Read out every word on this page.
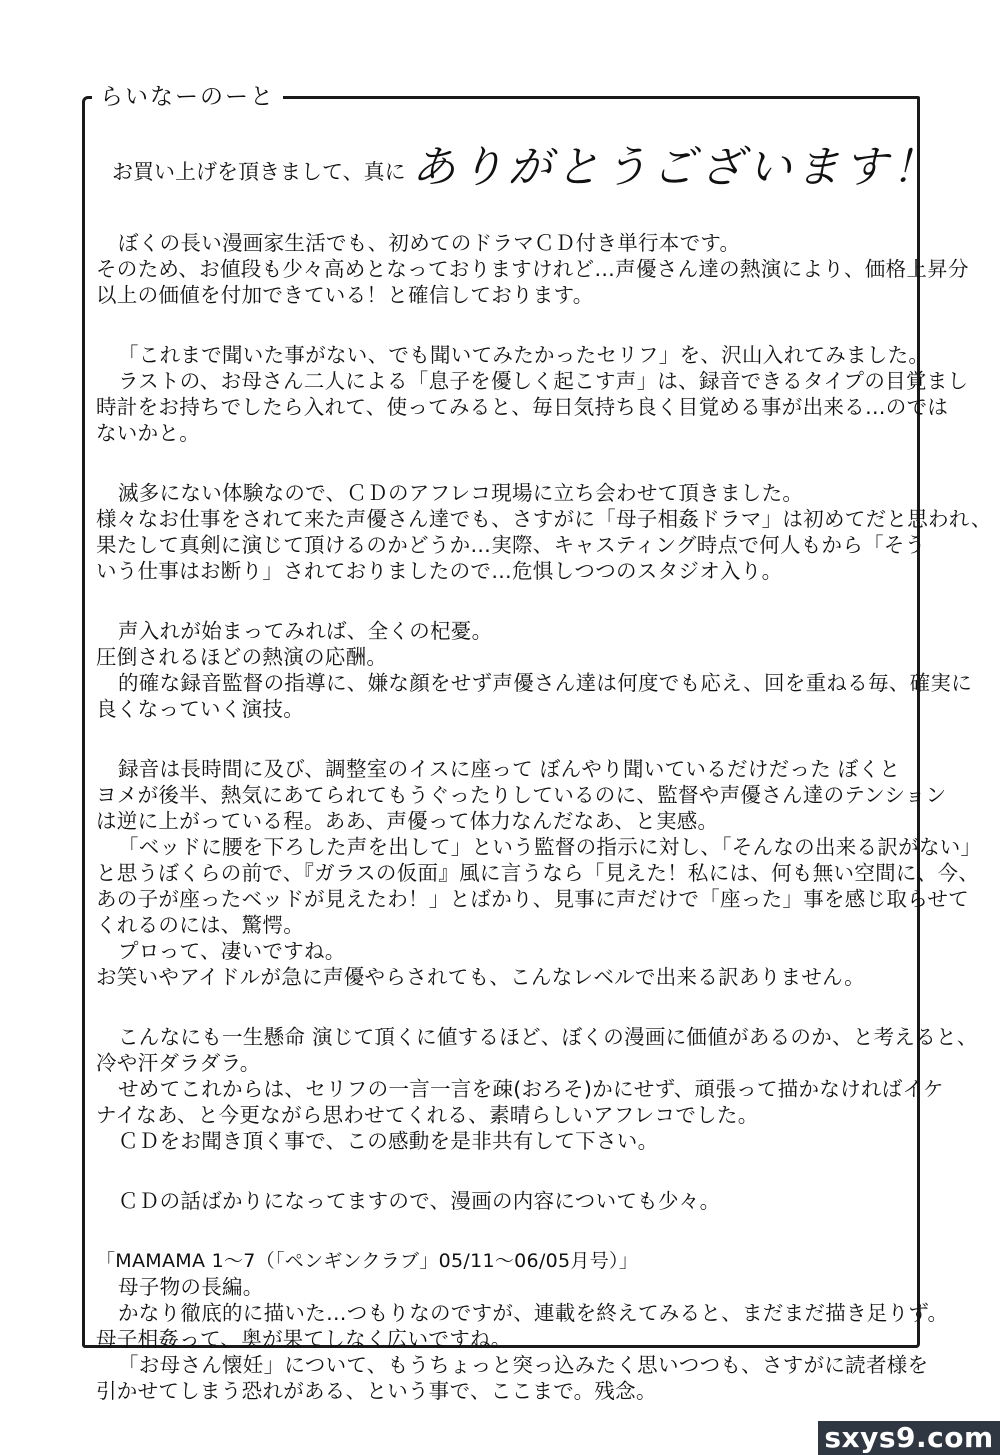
らいなーのーと
お買い上げを頂きまして、真に ありがとうございます！
ぼくの長い漫画家生活でも、初めてのドラマＣＤ付き単行本です。
そのため、お値段も少々高めとなっておりますけれど…声優さん達の熱演により、価格上昇分
以上の価値を付加できている！と確信しております。
「これまで聞いた事がない、でも聞いてみたかったセリフ」を、沢山入れてみました。
ラストの、お母さん二人による「息子を優しく起こす声」は、録音できるタイプの目覚まし
時計をお持ちでしたら入れて、使ってみると、毎日気持ち良く目覚める事が出来る…のでは
ないかと。
滅多にない体験なので、ＣＤのアフレコ現場に立ち会わせて頂きました。
様々なお仕事をされて来た声優さん達でも、さすがに「母子相姦ドラマ」は初めてだと思われ、
果たして真剣に演じて頂けるのかどうか…実際、キャスティング時点で何人もから「そう
いう仕事はお断り」されておりましたので…危惧しつつのスタジオ入り。
声入れが始まってみれば、全くの杞憂。
圧倒されるほどの熱演の応酬。
的確な録音監督の指導に、嫌な顔をせず声優さん達は何度でも応え、回を重ねる毎、確実に
良くなっていく演技。
録音は長時間に及び、調整室のイスに座って ぼんやり聞いているだけだった ぼくと
ヨメが後半、熱気にあてられてもうぐったりしているのに、監督や声優さん達のテンション
は逆に上がっている程。ああ、声優って体力なんだなあ、と実感。
「ベッドに腰を下ろした声を出して」という監督の指示に対し、「そんなの出来る訳がない」
と思うぼくらの前で、『ガラスの仮面』風に言うなら「見えた！私には、何も無い空間に、今、
あの子が座ったベッドが見えたわ！」とばかり、見事に声だけで「座った」事を感じ取らせて
くれるのには、驚愕。
プロって、凄いですね。
お笑いやアイドルが急に声優やらされても、こんなレベルで出来る訳ありません。
こんなにも一生懸命 演じて頂くに値するほど、ぼくの漫画に価値があるのか、と考えると、
冷や汗ダラダラ。
せめてこれからは、セリフの一言一言を疎(おろそ)かにせず、頑張って描かなければイケ
ナイなあ、と今更ながら思わせてくれる、素晴らしいアフレコでした。
ＣＤをお聞き頂く事で、この感動を是非共有して下さい。
ＣＤの話ばかりになってますので、漫画の内容についても少々。
「MAMAMA 1～7（「ペンギンクラブ」05/11～06/05月号）」
母子物の長編。
かなり徹底的に描いた…つもりなのですが、連載を終えてみると、まだまだ描き足りず。
母子相姦って、奥が果てしなく広いですね。
「お母さん懐妊」について、もうちょっと突っ込みたく思いつつも、さすがに読者様を
引かせてしまう恐れがある、という事で、ここまで。残念。
sxys9.com
